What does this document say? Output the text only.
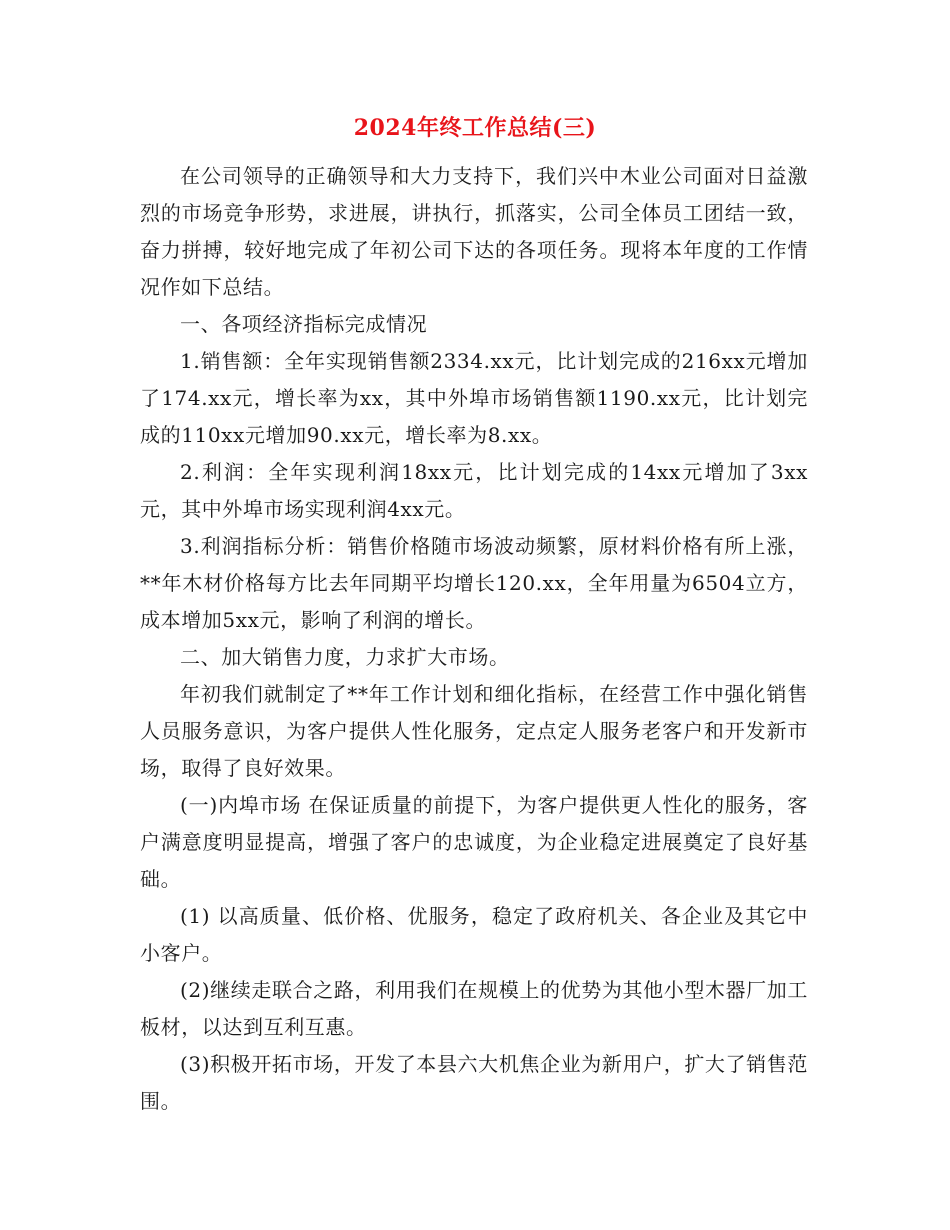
2024年终工作总结(三)

在公司领导的正确领导和大力支持下，我们兴中木业公司面对日益激烈的市场竞争形势，求进展，讲执行，抓落实，公司全体员工团结一致，奋力拼搏，较好地完成了年初公司下达的各项任务。现将本年度的工作情况作如下总结。

一、各项经济指标完成情况

1.销售额：全年实现销售额2334.xx元，比计划完成的216xx元增加了174.xx元，增长率为xx，其中外埠市场销售额1190.xx元，比计划完成的110xx元增加90.xx元，增长率为8.xx。

2.利润：全年实现利润18xx元，比计划完成的14xx元增加了3xx元，其中外埠市场实现利润4xx元。

3.利润指标分析：销售价格随市场波动频繁，原材料价格有所上涨，**年木材价格每方比去年同期平均增长120.xx，全年用量为6504立方，成本增加5xx元，影响了利润的增长。

二、加大销售力度，力求扩大市场。

年初我们就制定了**年工作计划和细化指标，在经营工作中强化销售人员服务意识，为客户提供人性化服务，定点定人服务老客户和开发新市场，取得了良好效果。

(一)内埠市场 在保证质量的前提下，为客户提供更人性化的服务，客户满意度明显提高，增强了客户的忠诚度，为企业稳定进展奠定了良好基础。

(1) 以高质量、低价格、优服务，稳定了政府机关、各企业及其它中小客户。

(2)继续走联合之路，利用我们在规模上的优势为其他小型木器厂加工板材，以达到互利互惠。

(3)积极开拓市场，开发了本县六大机焦企业为新用户，扩大了销售范围。
